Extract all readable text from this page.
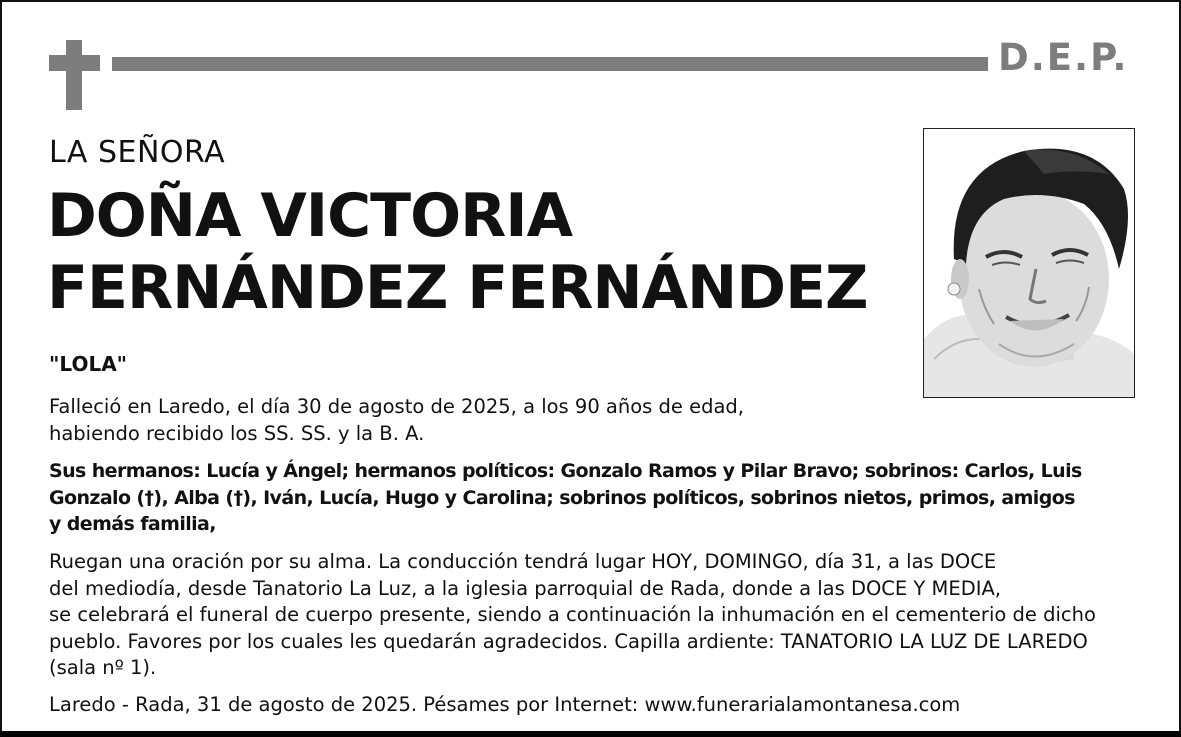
D.E.P.
LA SEÑORA
DOÑA VICTORIA
FERNÁNDEZ FERNÁNDEZ
"LOLA"

Falleció en Laredo, el día 30 de agosto de 2025, a los 90 años de edad,
habiendo recibido los SS. SS. y la B. A.

Sus hermanos: Lucía y Ángel; hermanos políticos: Gonzalo Ramos y Pilar Bravo; sobrinos: Carlos, Luis
Gonzalo (†), Alba (†), Iván, Lucía, Hugo y Carolina; sobrinos políticos, sobrinos nietos, primos, amigos
y demás familia,

Ruegan una oración por su alma. La conducción tendrá lugar HOY, DOMINGO, día 31, a las DOCE
del mediodía, desde Tanatorio La Luz, a la iglesia parroquial de Rada, donde a las DOCE Y MEDIA,
se celebrará el funeral de cuerpo presente, siendo a continuación la inhumación en el cementerio de dicho
pueblo. Favores por los cuales les quedarán agradecidos. Capilla ardiente: TANATORIO LA LUZ DE LAREDO
(sala nº 1).

Laredo - Rada, 31 de agosto de 2025. Pésames por Internet: www.funerarialamontanesa.com
